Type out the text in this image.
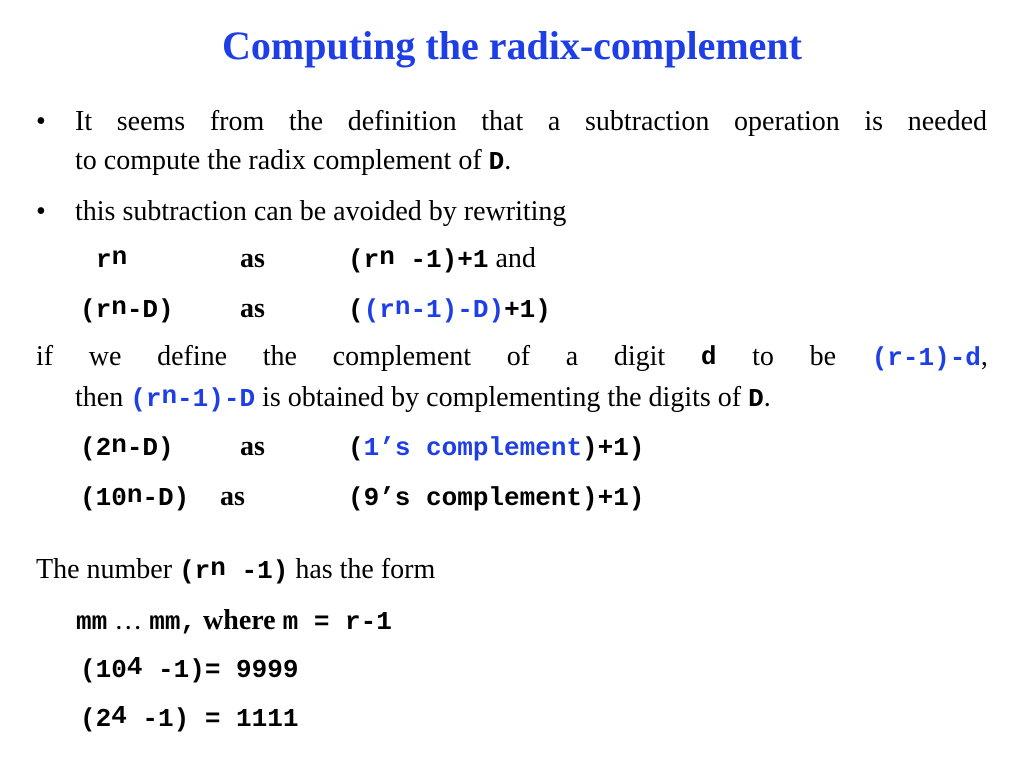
Computing the radix-complement
• It seems from the definition that a subtraction operation is needed
to compute the radix complement of D.
• this subtraction can be avoided by rewriting
$r^n$	as	($r^n$ -1)+1 and
$(r^n-D)$ as	$((r^n-1)-D)+1$)
if we define the complement of a digit d to be (r-1)-d,
then $(r^n-1)-D$ is obtained by complementing the digits of D.
(2$^n$-D) as	(1’s complement)+1)
(10$^n$-D) as	(9’s complement)+1)
The number ($r^n$ -1) has the form
mm … mm, where m = r-1
($10^4$ -1)= 9999
($2^4$ -1) = 1111
